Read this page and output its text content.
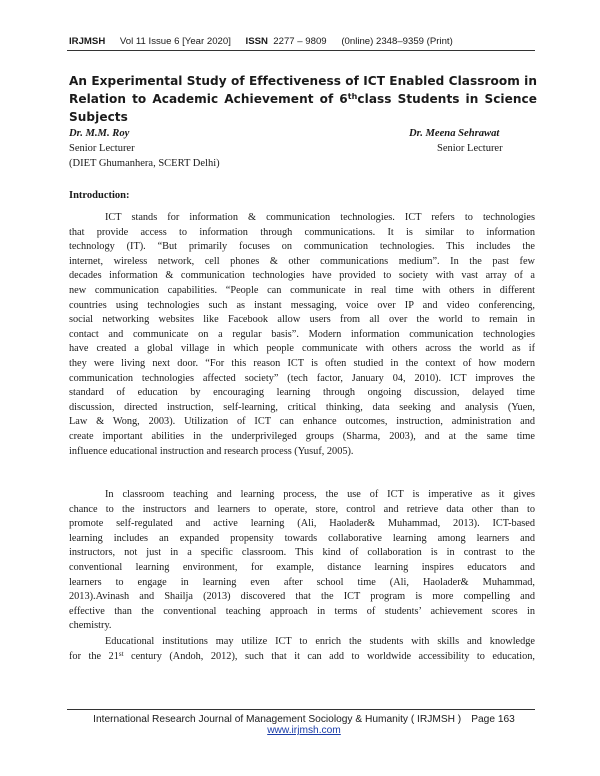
IRJMSH Vol 11 Issue 6 [Year 2020] ISSN 2277 – 9809 (0nline) 2348–9359 (Print)
An Experimental Study of Effectiveness of ICT Enabled Classroom in
Relation to Academic Achievement of 6thclass Students in Science
Subjects
Dr. M.M. Roy	Dr. Meena Sehrawat
Senior Lecturer	Senior Lecturer
(DIET Ghumanhera, SCERT Delhi)
Introduction:
ICT stands for information & communication technologies. ICT refers to technologies
that provide access to information through communications. It is similar to information
technology (IT). “But primarily focuses on communication technologies. This includes the
internet, wireless network, cell phones & other communications medium”. In the past few
decades information & communication technologies have provided to society with vast array of a
new communication capabilities. “People can communicate in real time with others in different
countries using technologies such as instant messaging, voice over IP and video conferencing,
social networking websites like Facebook allow users from all over the world to remain in
contact and communicate on a regular basis”. Modern information communication technologies
have created a global village in which people communicate with others across the world as if
they were living next door. “For this reason ICT is often studied in the context of how modern
communication technologies affected society” (tech factor, January 04, 2010). ICT improves the
standard of education by encouraging learning through ongoing discussion, delayed time
discussion, directed instruction, self-learning, critical thinking, data seeking and analysis (Yuen,
Law & Wong, 2003). Utilization of ICT can enhance outcomes, instruction, administration and
create important abilities in the underprivileged groups (Sharma, 2003), and at the same time
influence educational instruction and research process (Yusuf, 2005).
In classroom teaching and learning process, the use of ICT is imperative as it gives
chance to the instructors and learners to operate, store, control and retrieve data other than to
promote self-regulated and active learning (Ali, Haolader& Muhammad, 2013). ICT-based
learning includes an expanded propensity towards collaborative learning among learners and
instructors, not just in a specific classroom. This kind of collaboration is in contrast to the
conventional learning environment, for example, distance learning inspires educators and
learners to engage in learning even after school time (Ali, Haolader& Muhammad,
2013).Avinash and Shailja (2013) discovered that the ICT program is more compelling and
effective than the conventional teaching approach in terms of students’ achievement scores in
chemistry.
Educational institutions may utilize ICT to enrich the students with skills and knowledge
for the 21st century (Andoh, 2012), such that it can add to worldwide accessibility to education,
International Research Journal of Management Sociology & Humanity ( IRJMSH ) Page 163
www.irjmsh.com
